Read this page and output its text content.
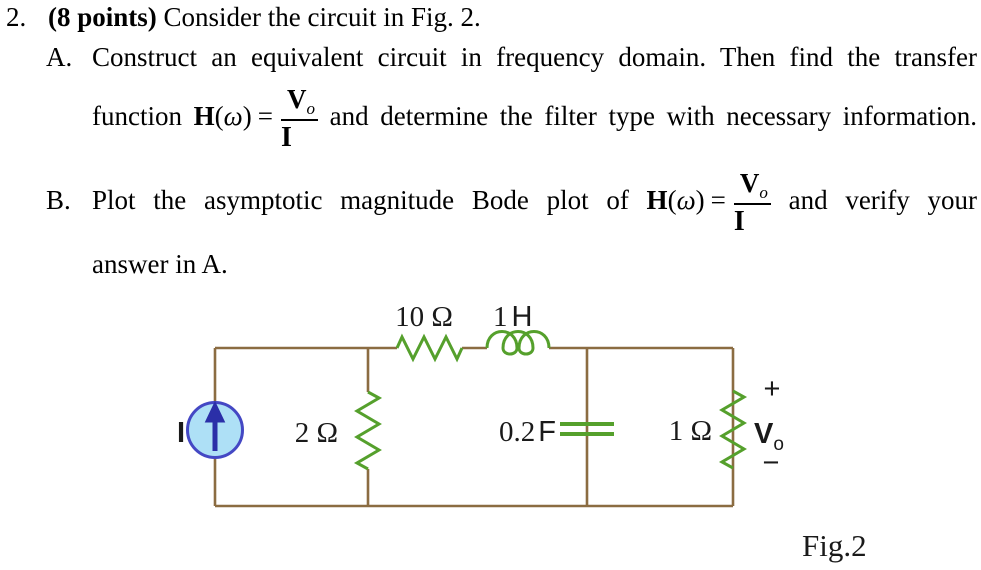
2. (8 points) Consider the circuit in Fig. 2.
A. Construct an equivalent circuit in frequency domain. Then find the transfer
function $H(\omega) = \frac{V_o}{I}$ and determine the filter type with necessary information.
B. Plot the asymptotic magnitude Bode plot of $H(\omega) = \frac{V_o}{I}$ and verify your
answer in A.
10 Ω 1 H
2 Ω	0.2 F	1 Ω
I
+
$V_o$
−
Fig.2
